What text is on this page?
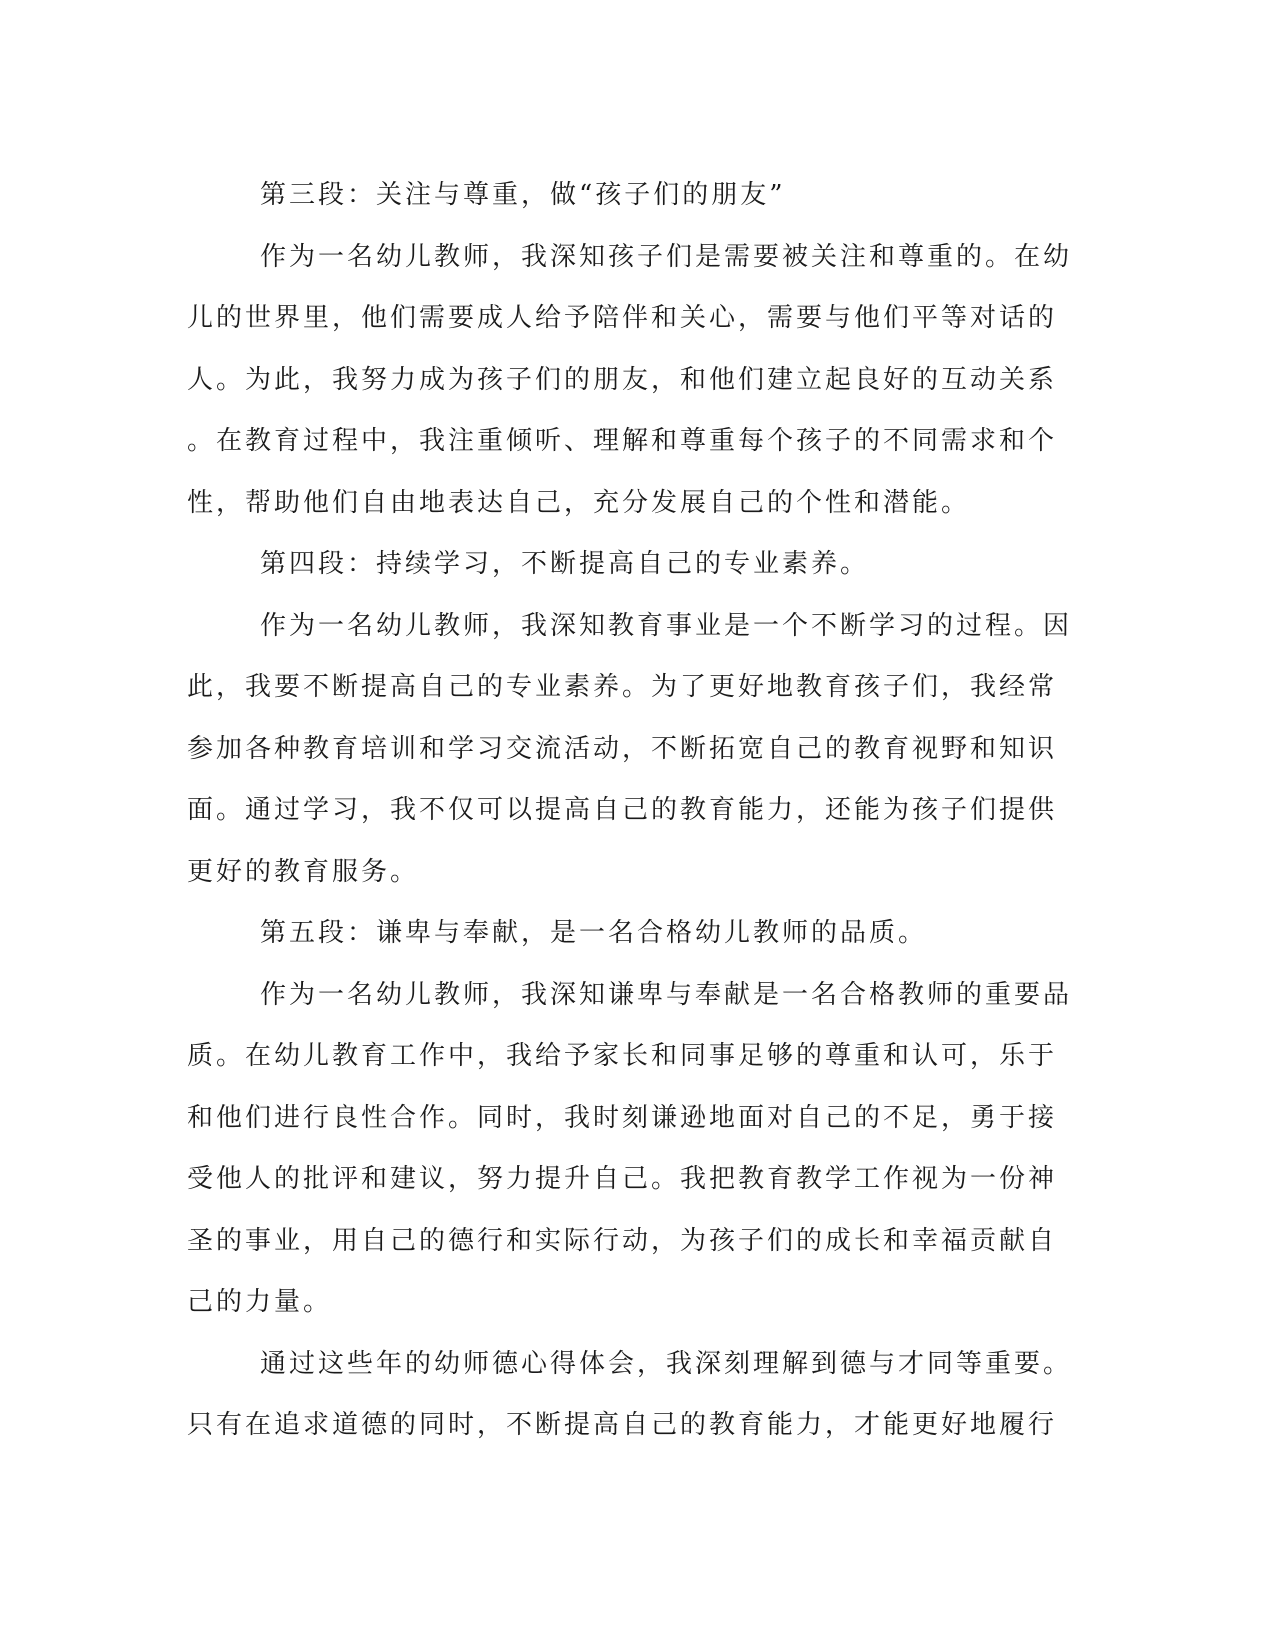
第三段：关注与尊重，做“孩子们的朋友”
作为一名幼儿教师，我深知孩子们是需要被关注和尊重的。在幼
儿的世界里，他们需要成人给予陪伴和关心，需要与他们平等对话的
人。为此，我努力成为孩子们的朋友，和他们建立起良好的互动关系
。在教育过程中，我注重倾听、理解和尊重每个孩子的不同需求和个
性，帮助他们自由地表达自己，充分发展自己的个性和潜能。
第四段：持续学习，不断提高自己的专业素养。
作为一名幼儿教师，我深知教育事业是一个不断学习的过程。因
此，我要不断提高自己的专业素养。为了更好地教育孩子们，我经常
参加各种教育培训和学习交流活动，不断拓宽自己的教育视野和知识
面。通过学习，我不仅可以提高自己的教育能力，还能为孩子们提供
更好的教育服务。
第五段：谦卑与奉献，是一名合格幼儿教师的品质。
作为一名幼儿教师，我深知谦卑与奉献是一名合格教师的重要品
质。在幼儿教育工作中，我给予家长和同事足够的尊重和认可，乐于
和他们进行良性合作。同时，我时刻谦逊地面对自己的不足，勇于接
受他人的批评和建议，努力提升自己。我把教育教学工作视为一份神
圣的事业，用自己的德行和实际行动，为孩子们的成长和幸福贡献自
己的力量。
通过这些年的幼师德心得体会，我深刻理解到德与才同等重要。
只有在追求道德的同时，不断提高自己的教育能力，才能更好地履行
